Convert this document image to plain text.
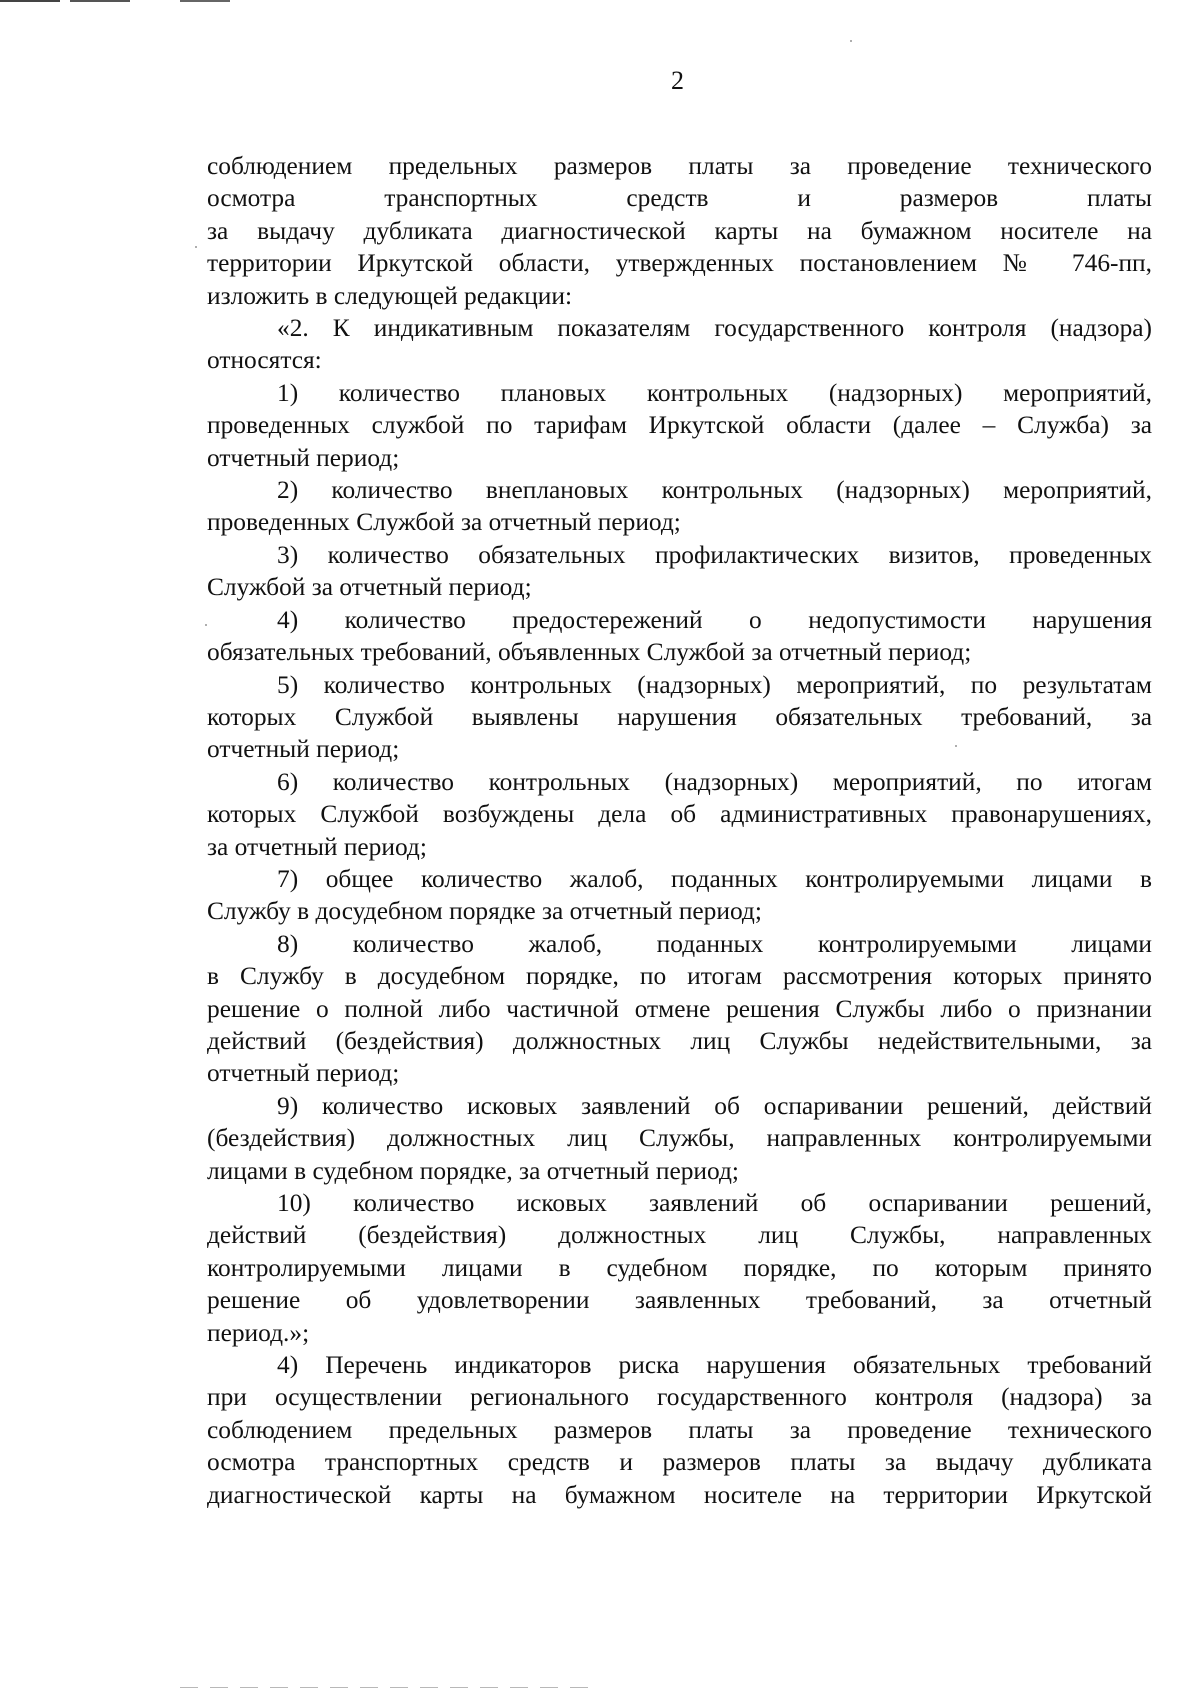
2

соблюдением предельных размеров платы за проведение технического

осмотра транспортных средств и размеров платы

за выдачу дубликата диагностической карты на бумажном носителе на

территории Иркутской области, утвержденных постановлением № 746-пп,

изложить в следующей редакции:

«2. К индикативным показателям государственного контроля (надзора)

относятся:

1) количество плановых контрольных (надзорных) мероприятий,

проведенных службой по тарифам Иркутской области (далее – Служба) за

отчетный период;

2) количество внеплановых контрольных (надзорных) мероприятий,

проведенных Службой за отчетный период;

3) количество обязательных профилактических визитов, проведенных

Службой за отчетный период;

4) количество предостережений о недопустимости нарушения

обязательных требований, объявленных Службой за отчетный период;

5) количество контрольных (надзорных) мероприятий, по результатам

которых Службой выявлены нарушения обязательных требований, за

отчетный период;

6) количество контрольных (надзорных) мероприятий, по итогам

которых Службой возбуждены дела об административных правонарушениях,

за отчетный период;

7) общее количество жалоб, поданных контролируемыми лицами в

Службу в досудебном порядке за отчетный период;

8) количество жалоб, поданных контролируемыми лицами

в Службу в досудебном порядке, по итогам рассмотрения которых принято

решение о полной либо частичной отмене решения Службы либо о признании

действий (бездействия) должностных лиц Службы недействительными, за

отчетный период;

9) количество исковых заявлений об оспаривании решений, действий

(бездействия) должностных лиц Службы, направленных контролируемыми

лицами в судебном порядке, за отчетный период;

10) количество исковых заявлений об оспаривании решений,

действий (бездействия) должностных лиц Службы, направленных

контролируемыми лицами в судебном порядке, по которым принято

решение об удовлетворении заявленных требований, за отчетный

период.»;

4) Перечень индикаторов риска нарушения обязательных требований

при осуществлении регионального государственного контроля (надзора) за

соблюдением предельных размеров платы за проведение технического

осмотра транспортных средств и размеров платы за выдачу дубликата

диагностической карты на бумажном носителе на территории Иркутской
